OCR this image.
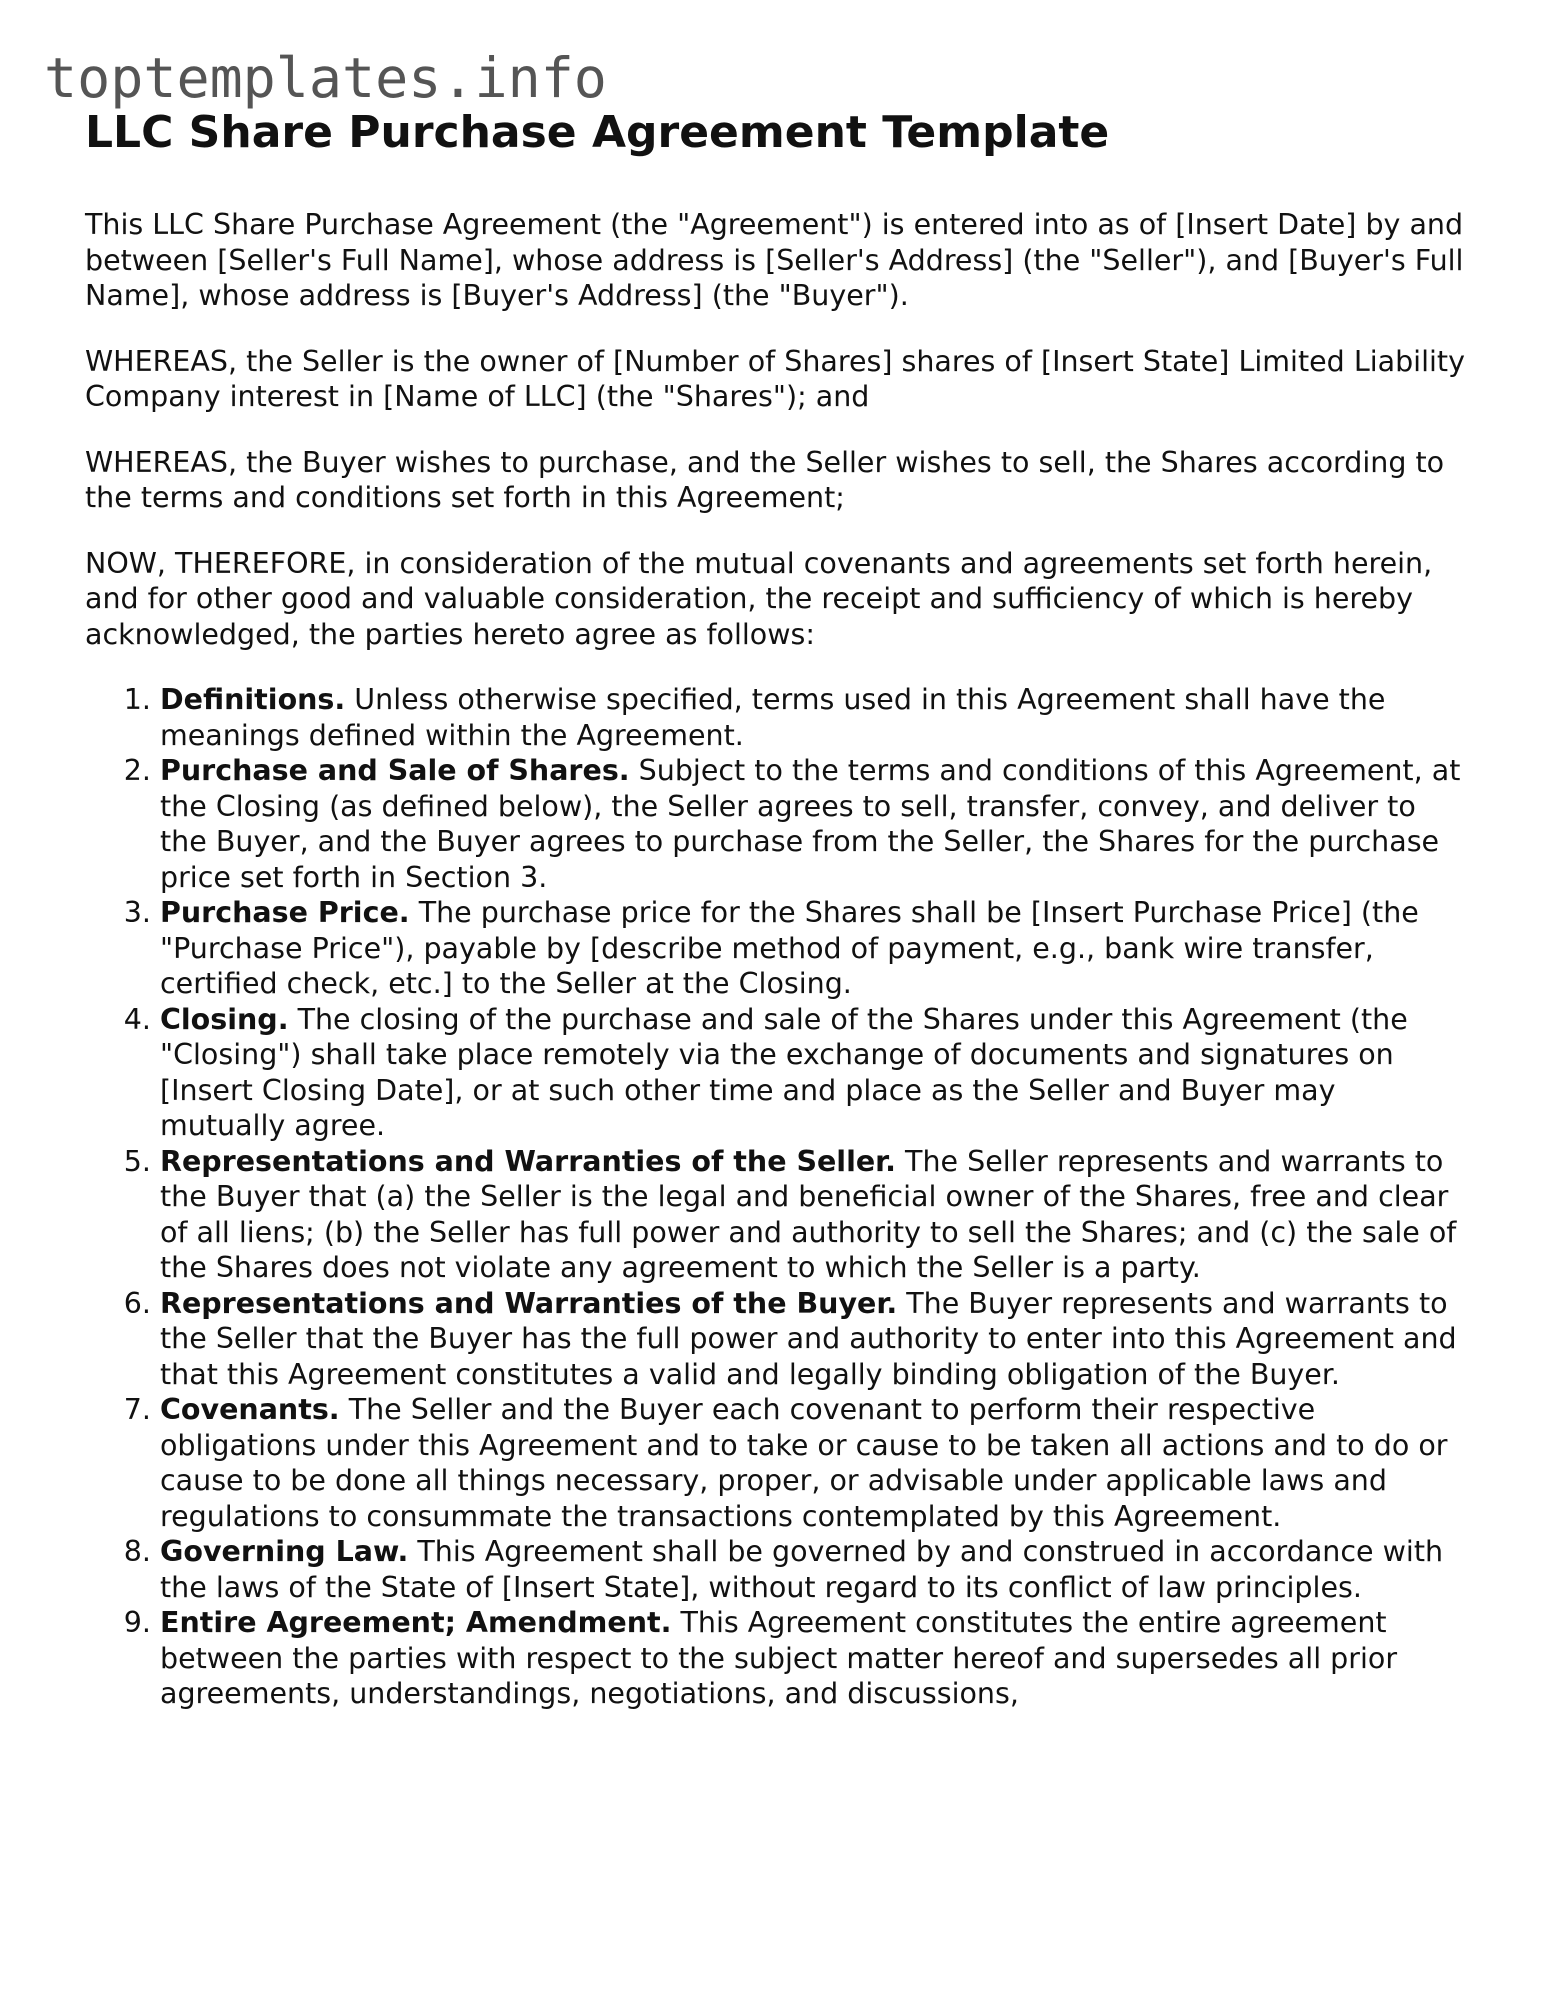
toptemplates.info
LLC Share Purchase Agreement Template

This LLC Share Purchase Agreement (the "Agreement") is entered into as of [Insert Date] by and between [Seller's Full Name], whose address is [Seller's Address] (the "Seller"), and [Buyer's Full Name], whose address is [Buyer's Address] (the "Buyer").

WHEREAS, the Seller is the owner of [Number of Shares] shares of [Insert State] Limited Liability Company interest in [Name of LLC] (the "Shares"); and

WHEREAS, the Buyer wishes to purchase, and the Seller wishes to sell, the Shares according to the terms and conditions set forth in this Agreement;

NOW, THEREFORE, in consideration of the mutual covenants and agreements set forth herein, and for other good and valuable consideration, the receipt and sufficiency of which is hereby acknowledged, the parties hereto agree as follows:

1. Definitions. Unless otherwise specified, terms used in this Agreement shall have the meanings defined within the Agreement.
2. Purchase and Sale of Shares. Subject to the terms and conditions of this Agreement, at the Closing (as defined below), the Seller agrees to sell, transfer, convey, and deliver to the Buyer, and the Buyer agrees to purchase from the Seller, the Shares for the purchase price set forth in Section 3.
3. Purchase Price. The purchase price for the Shares shall be [Insert Purchase Price] (the "Purchase Price"), payable by [describe method of payment, e.g., bank wire transfer, certified check, etc.] to the Seller at the Closing.
4. Closing. The closing of the purchase and sale of the Shares under this Agreement (the "Closing") shall take place remotely via the exchange of documents and signatures on [Insert Closing Date], or at such other time and place as the Seller and Buyer may mutually agree.
5. Representations and Warranties of the Seller. The Seller represents and warrants to the Buyer that (a) the Seller is the legal and beneficial owner of the Shares, free and clear of all liens; (b) the Seller has full power and authority to sell the Shares; and (c) the sale of the Shares does not violate any agreement to which the Seller is a party.
6. Representations and Warranties of the Buyer. The Buyer represents and warrants to the Seller that the Buyer has the full power and authority to enter into this Agreement and that this Agreement constitutes a valid and legally binding obligation of the Buyer.
7. Covenants. The Seller and the Buyer each covenant to perform their respective obligations under this Agreement and to take or cause to be taken all actions and to do or cause to be done all things necessary, proper, or advisable under applicable laws and regulations to consummate the transactions contemplated by this Agreement.
8. Governing Law. This Agreement shall be governed by and construed in accordance with the laws of the State of [Insert State], without regard to its conflict of law principles.
9. Entire Agreement; Amendment. This Agreement constitutes the entire agreement between the parties with respect to the subject matter hereof and supersedes all prior agreements, understandings, negotiations, and discussions,
